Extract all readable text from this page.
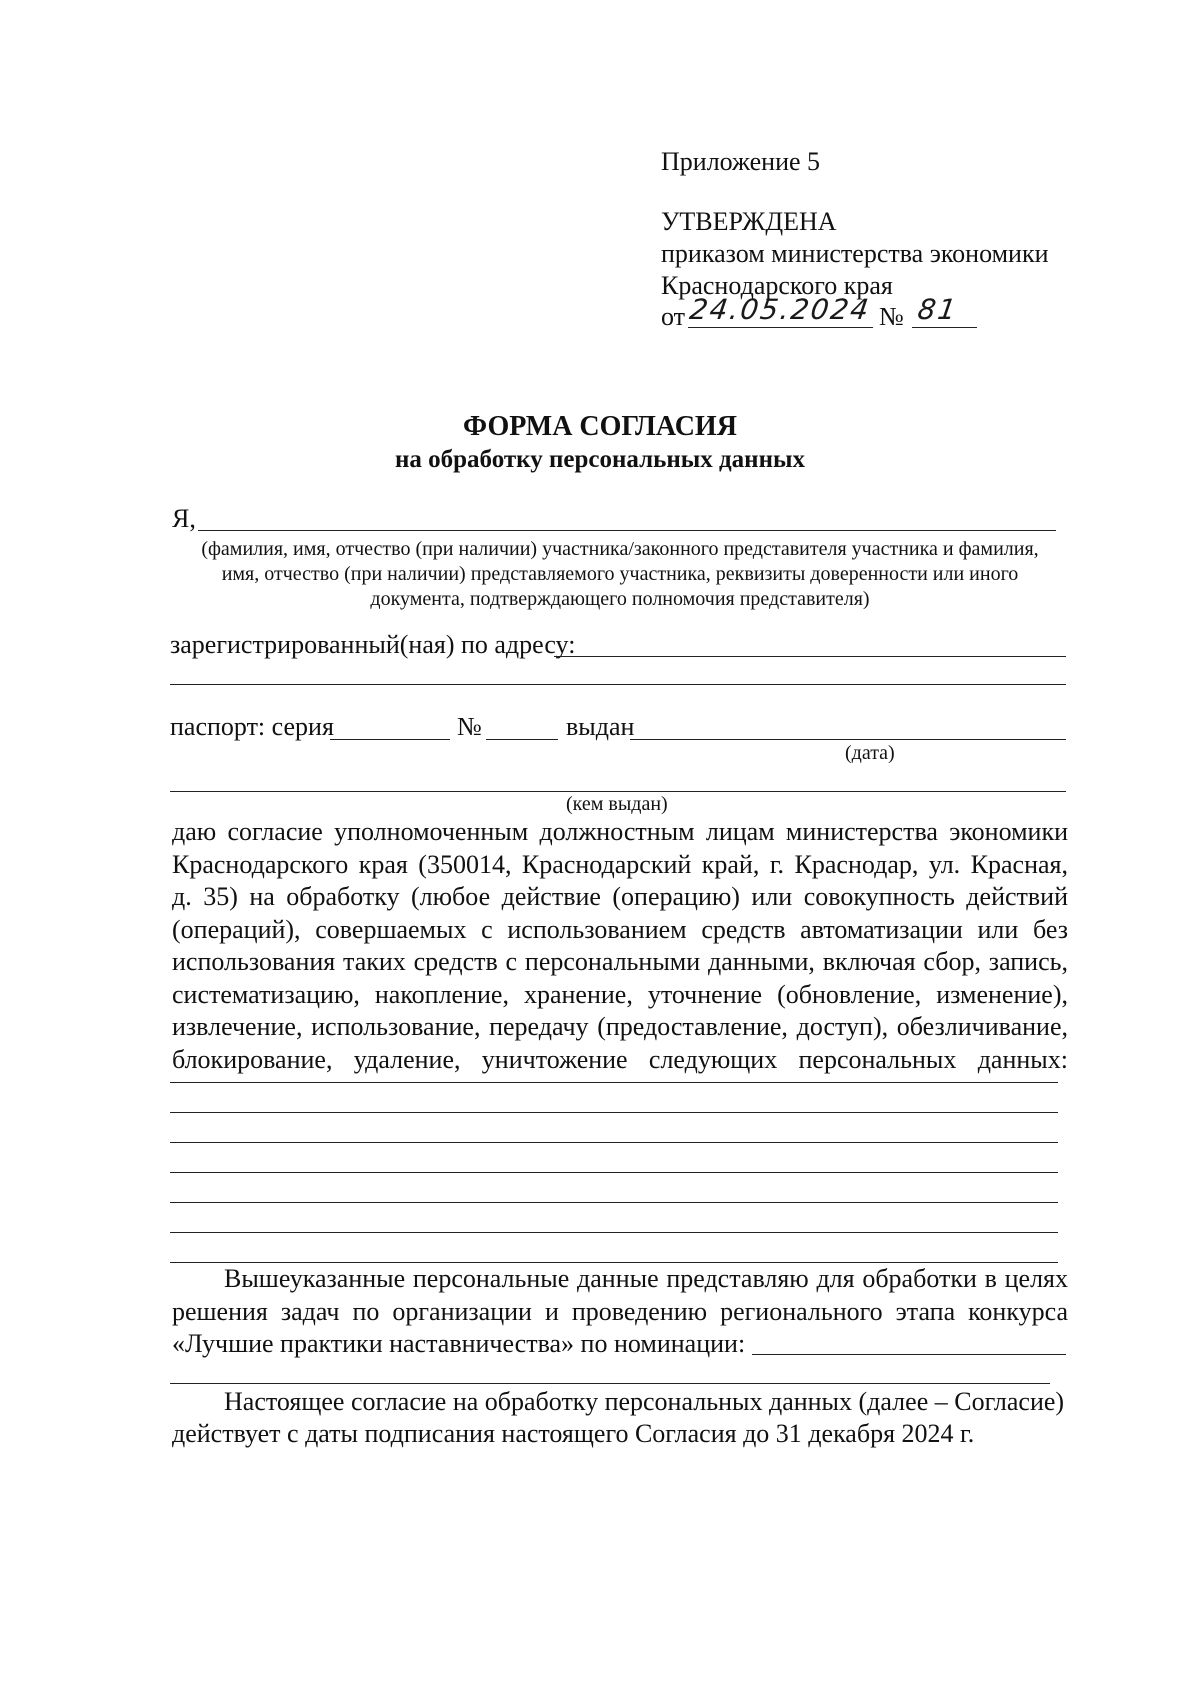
Приложение 5
УТВЕРЖДЕНА
приказом министерства экономики
Краснодарского края
от 24.05.2024 № 81
ФОРМА СОГЛАСИЯ
на обработку персональных данных
Я,
(фамилия, имя, отчество (при наличии) участника/законного представителя участника и фамилия,
имя, отчество (при наличии) представляемого участника, реквизиты доверенности или иного
документа, подтверждающего полномочия представителя)
зарегистрированный(ная) по адресу:
паспорт: серия	№	выдан
(дата)
(кем выдан)
даю согласие уполномоченным должностным лицам министерства экономики
Краснодарского края (350014, Краснодарский край, г. Краснодар, ул. Красная,
д. 35) на обработку (любое действие (операцию) или совокупность действий
(операций), совершаемых с использованием средств автоматизации или без
использования таких средств с персональными данными, включая сбор, запись,
систематизацию, накопление, хранение, уточнение (обновление, изменение),
извлечение, использование, передачу (предоставление, доступ), обезличивание,
блокирование, удаление, уничтожение следующих персональных данных:
Вышеуказанные персональные данные представляю для обработки в целях
решения задач по организации и проведению регионального этапа конкурса
«Лучшие практики наставничества» по номинации:
Настоящее согласие на обработку персональных данных (далее – Согласие)
действует с даты подписания настоящего Согласия до 31 декабря 2024 г.
